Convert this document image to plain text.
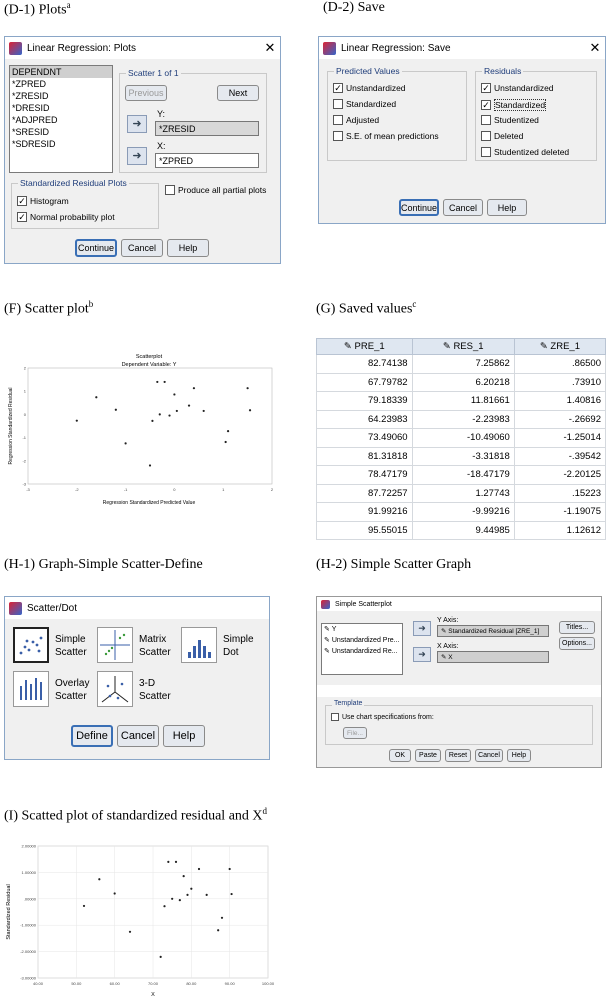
(D-1) Plots$^a$	(D-2) Save
(F) Scatter plot$^b$	(G) Saved values$^c$
(H-1) Graph-Simple Scatter-Define	(H-2) Simple Scatter Graph
(I) Scatted plot of standardized residual and $X^d$
Linear Regression: Plots	✕
DEPENDNT
*ZPRED
*ZRESID
*DRESID
*ADJPRED
*SRESID
*SDRESID
Scatter 1 of 1
Previous	Next
Y:
➜	*ZRESID
X:
➜	*ZPRED
Standardized Residual Plots
✓ Histogram
✓ Normal probability plot
Produce all partial plots
Continue	Cancel	Help
Linear Regression: Save	✕
Predicted Values
✓ Unstandardized
Standardized
Adjusted
S.E. of mean predictions
Residuals
✓ Unstandardized
✓ Standardized
Studentized
Deleted
Studentized deleted
Continue	Cancel	Help
Scatterplot
Dependent Variable: Y
-3	-2	-1	0	1	2
-3
-2
-1
0
1
2
Regression Standardized Predicted Value
Regression Standardized Residual
✎ PRE_1	✎ RES_1	✎ ZRE_1
82.74138	7.25862	.86500
67.79782	6.20218	.73910
79.18339	11.81661	1.40816
64.23983	-2.23983	-.26692
73.49060	-10.49060	-1.25014
81.31818	-3.31818	-.39542
78.47179	-18.47179	-2.20125
87.72257	1.27743	.15223
91.99216	-9.99216	-1.19075
95.55015	9.44985	1.12612
Scatter/Dot
Simple
Scatter
Matrix
Scatter
Simple
Dot
Overlay
Scatter
3-D
Scatter
Define	Cancel	Help
Simple Scatterplot
✎ Y
✎ Unstandardized Pre...
✎ Unstandardized Re...
➜
Y Axis:
✎ Standardized Residual [ZRE_1]
➜
X Axis:
✎ X
Titles...
Options...
Template
Use chart specifications from:
File...
OK	Paste	Reset	Cancel	Help
40.00	50.00	60.00	70.00	80.00	90.00	100.00
-3.00000
-2.00000
-1.00000
.00000
1.00000
2.00000
X
Standardized Residual
